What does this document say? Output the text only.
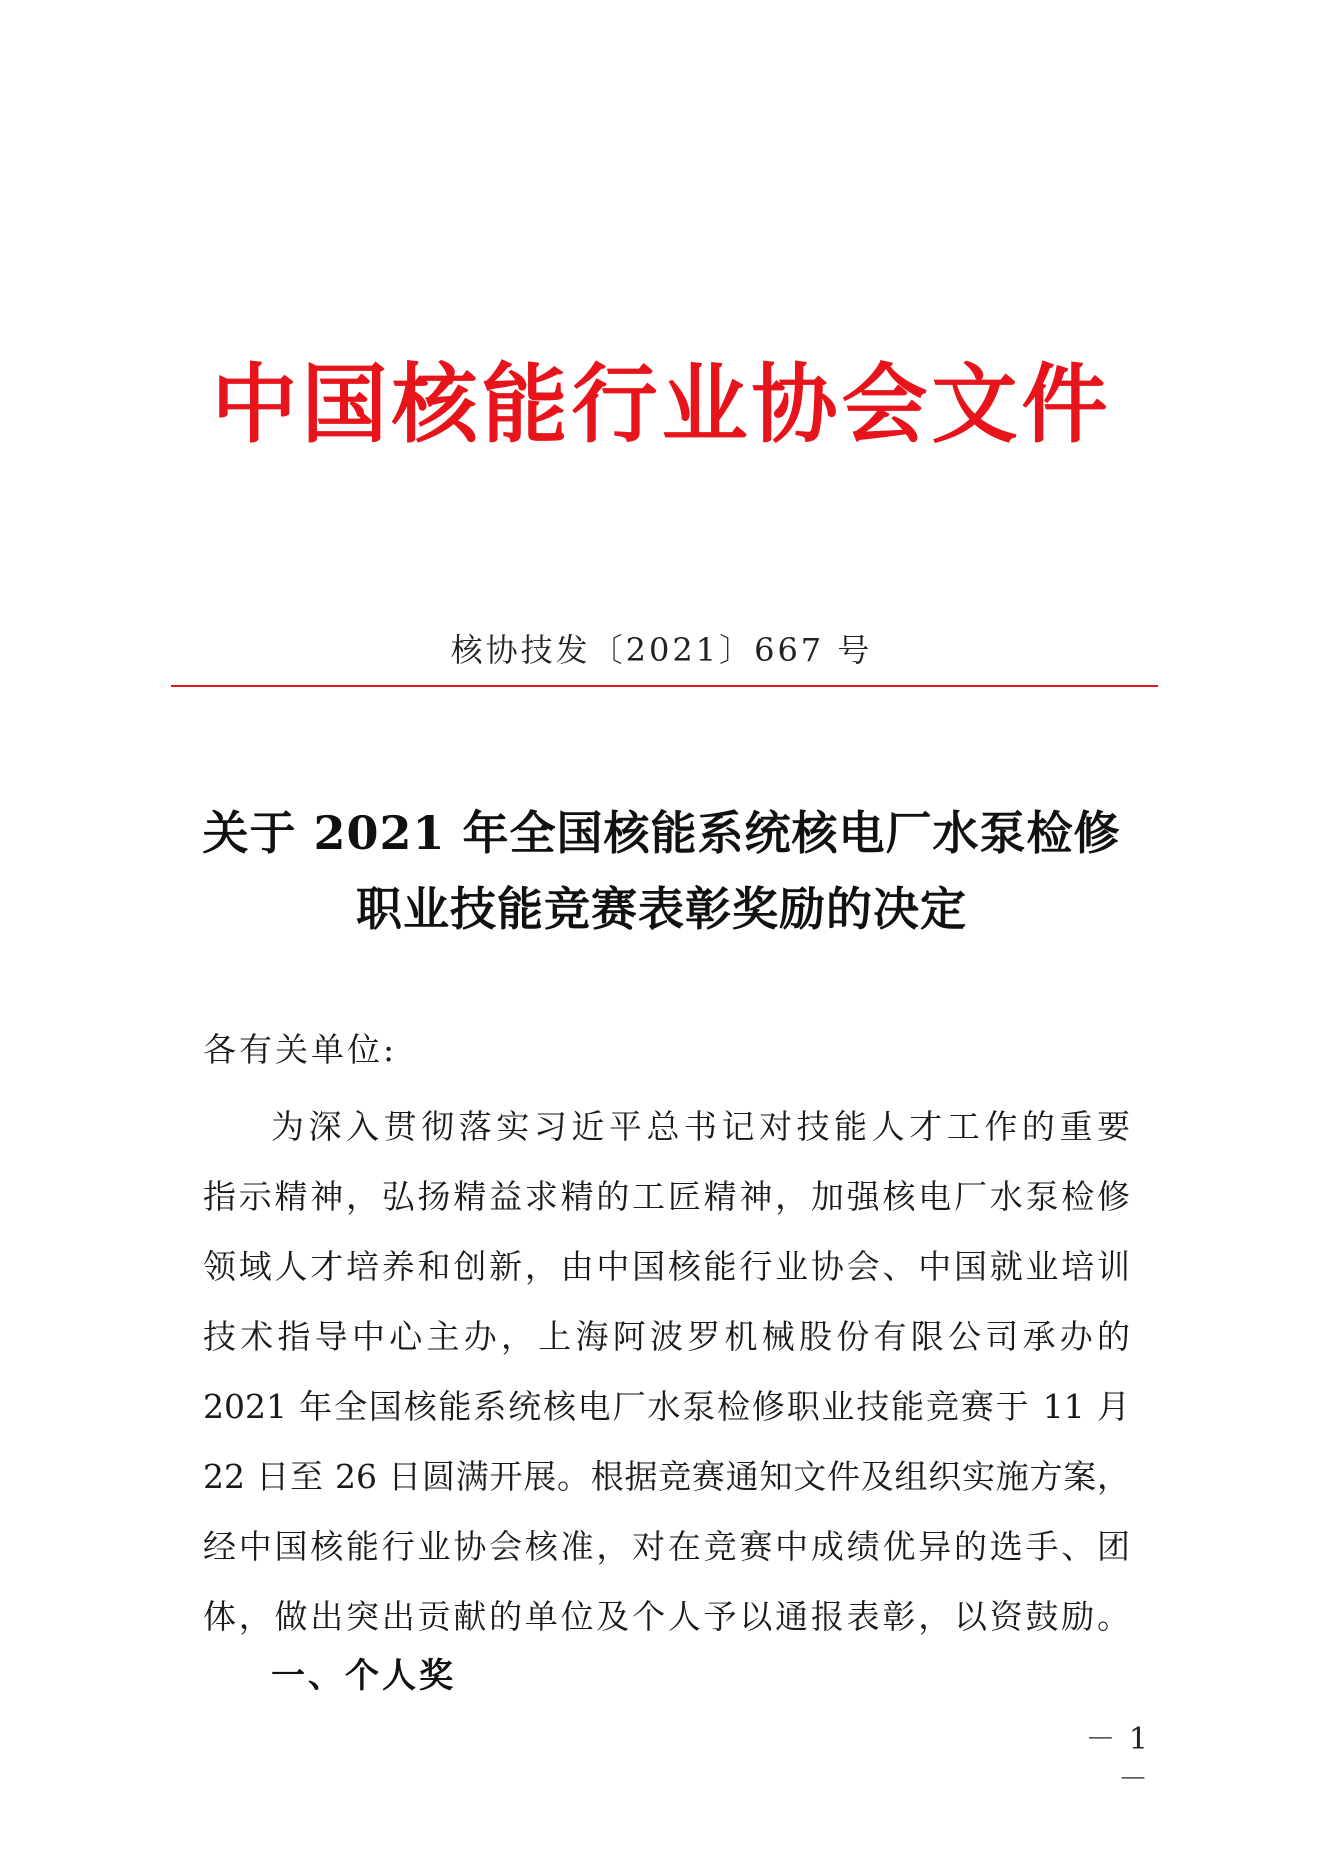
中国核能行业协会文件
核协技发〔2021〕667 号
关于 2021 年全国核能系统核电厂水泵检修
职业技能竞赛表彰奖励的决定
各有关单位:
为深入贯彻落实习近平总书记对技能人才工作的重要
指示精神，弘扬精益求精的工匠精神，加强核电厂水泵检修
领域人才培养和创新，由中国核能行业协会、中国就业培训
技术指导中心主办，上海阿波罗机械股份有限公司承办的
2021 年全国核能系统核电厂水泵检修职业技能竞赛于 11 月
22 日至 26 日圆满开展。根据竞赛通知文件及组织实施方案，
经中国核能行业协会核准，对在竞赛中成绩优异的选手、团
体，做出突出贡献的单位及个人予以通报表彰，以资鼓励。
一、个人奖
－ 1 －
